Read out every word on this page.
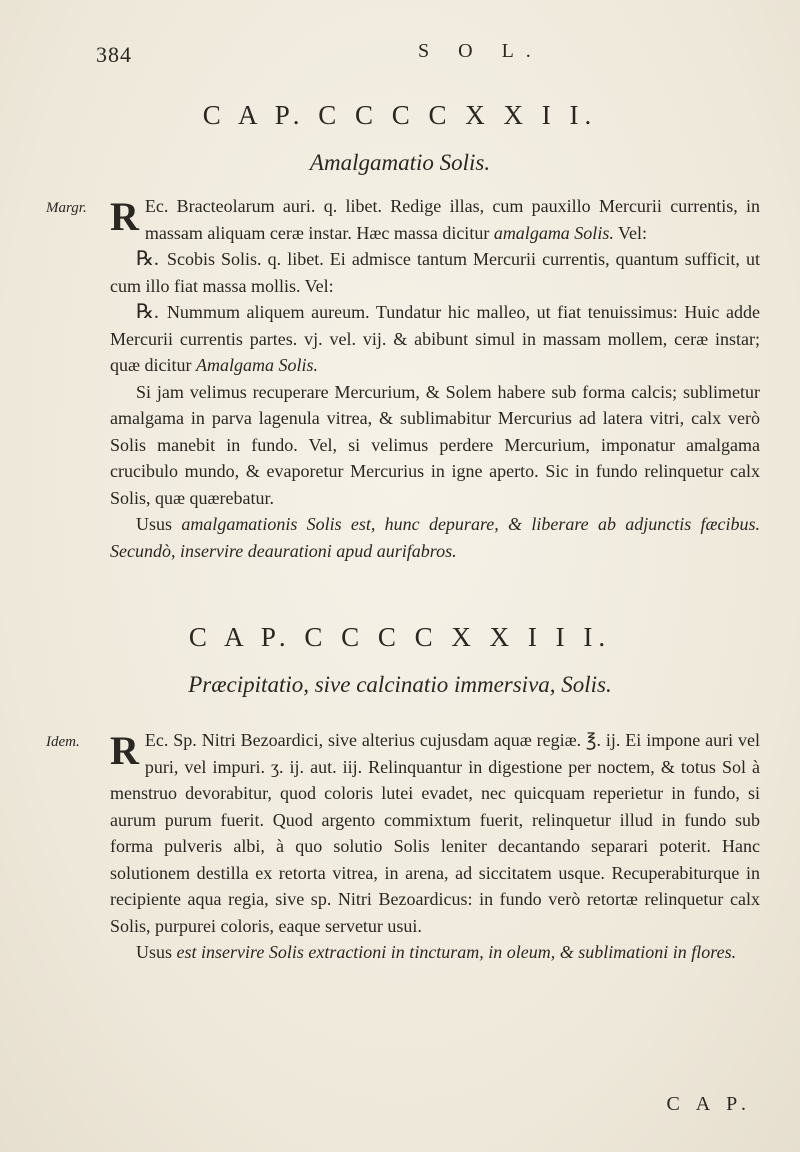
384	S O L.
C A P. C C C C X X I I.
Amalgamatio Solis.
Margr. R Ec. Bracteolarum auri. q. libet. Redige illas, cum pauxillo Mercurii currentis, in massam aliquam ceræ instar. Hæc massa dicitur amalgama Solis. Vel:

℞. Scobis Solis. q. libet. Ei admisce tantum Mercurii currentis, quantum sufficit, ut cum illo fiat massa mollis. Vel:

℞. Nummum aliquem aureum. Tundatur hic malleo, ut fiat tenuissimus: Huic adde Mercurii currentis partes. vj. vel. vij. & abibunt simul in massam mollem, ceræ instar; quæ dicitur Amalgama Solis.

Si jam velimus recuperare Mercurium, & Solem habere sub forma calcis; sublimetur amalgama in parva lagenula vitrea, & sublimabitur Mercurius ad latera vitri, calx verò Solis manebit in fundo. Vel, si velimus perdere Mercurium, imponatur amalgama crucibulo mundo, & evaporetur Mercurius in igne aperto. Sic in fundo relinquetur calx Solis, quæ quærebatur.

Usus amalgamationis Solis est, hunc depurare, & liberare ab adjunctis fæcibus. Secundò, inservire deaurationi apud aurifabros.

C A P. C C C C X X I I I.
Præcipitatio, sive calcinatio immersiva, Solis.
Idem. R Ec. Sp. Nitri Bezoardici, sive alterius cujusdam aquæ regiæ. ℥. ij. Ei impone auri vel puri, vel impuri. ʒ. ij. aut. iij. Relinquantur in digestione per noctem, & totus Sol à menstruo devorabitur, quod coloris lutei evadet, nec quicquam reperietur in fundo, si aurum purum fuerit. Quod argento commixtum fuerit, relinquetur illud in fundo sub forma pulveris albi, à quo solutio Solis leniter decantando separari poterit. Hanc solutionem destilla ex retorta vitrea, in arena, ad siccitatem usque. Recuperabiturque in recipiente aqua regia, sive sp. Nitri Bezoardicus: in fundo verò retortæ relinquetur calx Solis, purpurei coloris, eaque servetur usui.

Usus est inservire Solis extractioni in tincturam, in oleum, & sublimationi in flores.

C A P.
